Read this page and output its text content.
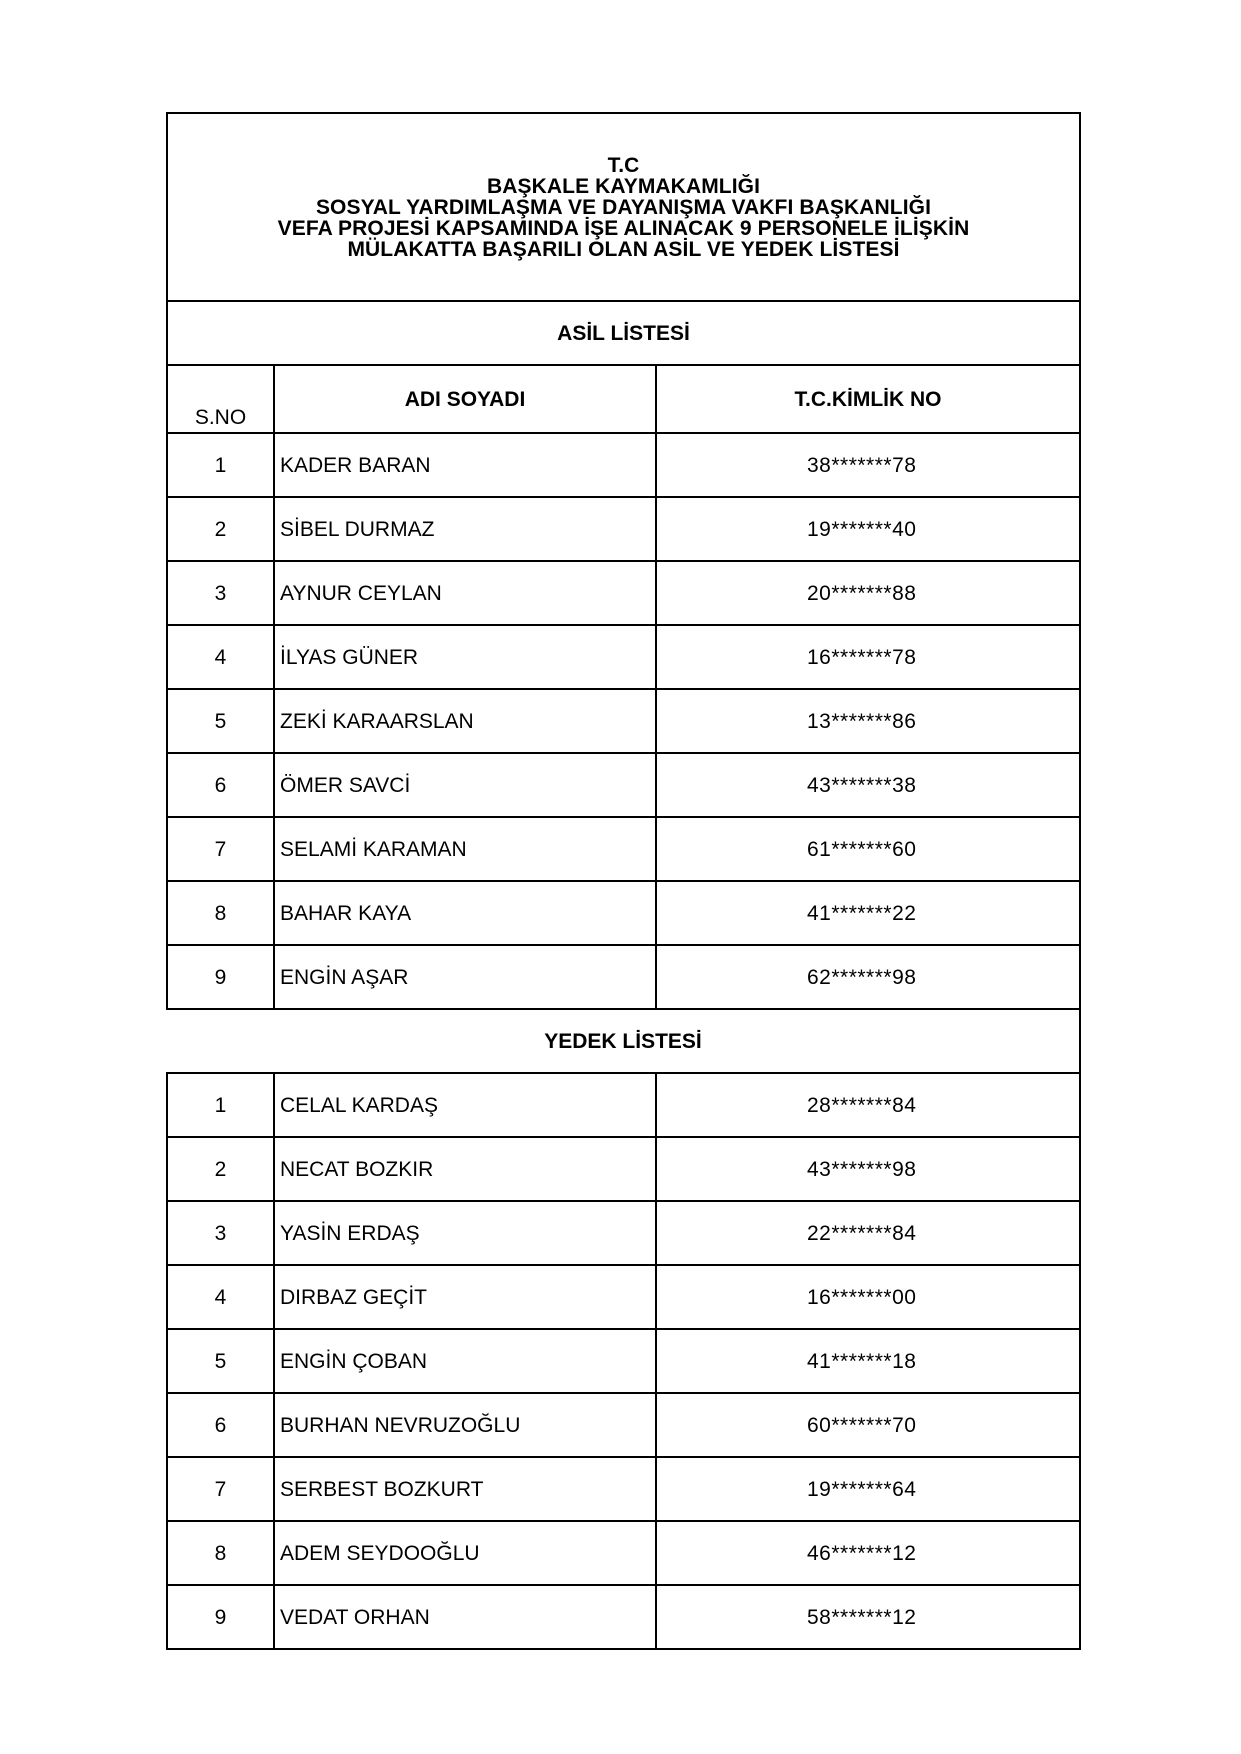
T.C
BAŞKALE KAYMAKAMLIĞI
SOSYAL YARDIMLAŞMA VE DAYANIŞMA VAKFI BAŞKANLIĞI
VEFA PROJESİ KAPSAMINDA İŞE ALINACAK 9 PERSONELE İLİŞKİN
MÜLAKATTA BAŞARILI OLAN ASİL VE YEDEK LİSTESİ		

ASİL LİSTESİ		
S.NO	ADI SOYADI	T.C.KİMLİK NO
1	KADER BARAN	38*******78
2	SİBEL DURMAZ	19*******40
3	AYNUR CEYLAN	20*******88
4	İLYAS GÜNER	16*******78
5	ZEKİ KARAARSLAN	13*******86
6	ÖMER SAVCİ	43*******38
7	SELAMİ KARAMAN	61*******60
8	BAHAR KAYA	41*******22
9	ENGİN AŞAR	62*******98
YEDEK LİSTESİ		
1	CELAL KARDAŞ	28*******84
2	NECAT BOZKIR	43*******98
3	YASİN ERDAŞ	22*******84
4	DIRBAZ GEÇİT	16*******00
5	ENGİN ÇOBAN	41*******18
6	BURHAN NEVRUZOĞLU	60*******70
7	SERBEST BOZKURT	19*******64
8	ADEM SEYDOOĞLU	46*******12
9	VEDAT ORHAN	58*******12
